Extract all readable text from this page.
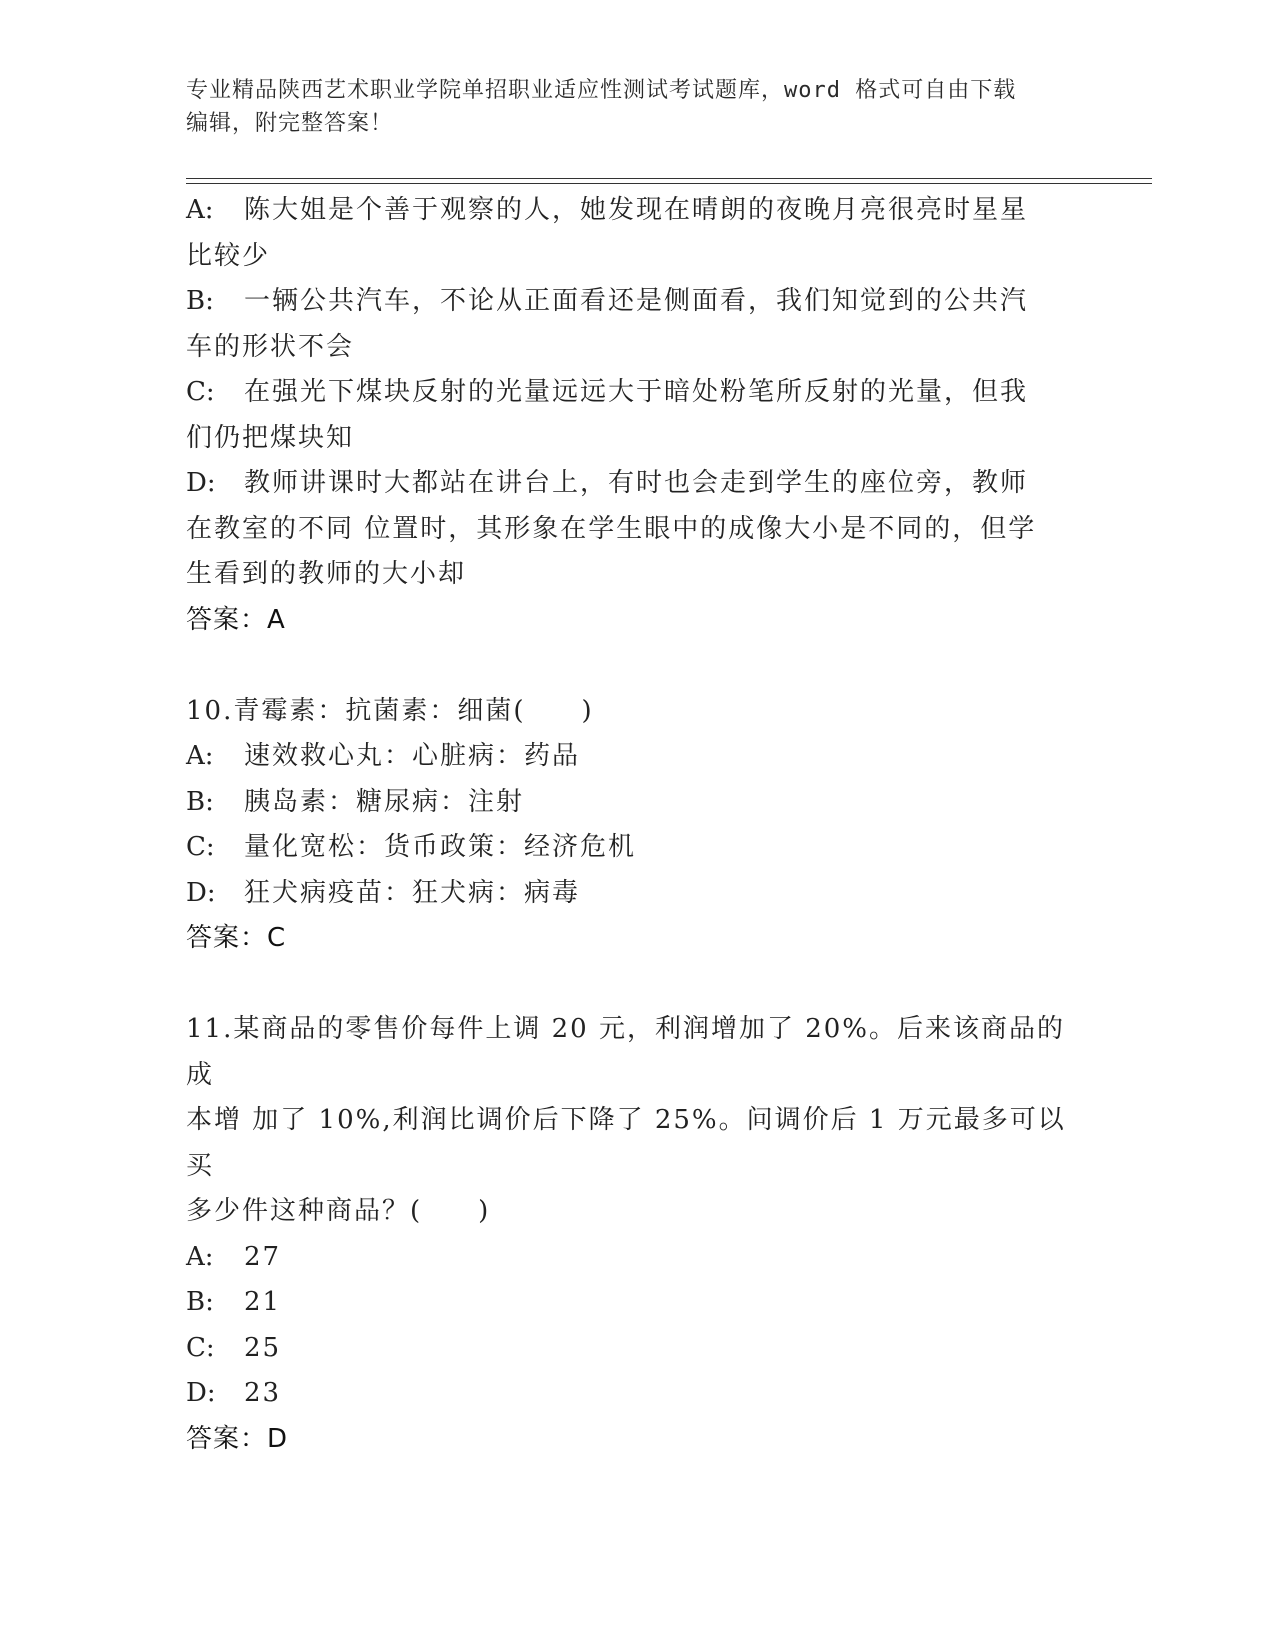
专业精品陕西艺术职业学院单招职业适应性测试考试题库，word 格式可自由下载
编辑，附完整答案！
A: 陈大姐是个善于观察的人，她发现在晴朗的夜晚月亮很亮时星星
比较少
B: 一辆公共汽车，不论从正面看还是侧面看，我们知觉到的公共汽
车的形状不会
C: 在强光下煤块反射的光量远远大于暗处粉笔所反射的光量，但我
们仍把煤块知
D: 教师讲课时大都站在讲台上，有时也会走到学生的座位旁，教师
在教室的不同 位置时，其形象在学生眼中的成像大小是不同的，但学
生看到的教师的大小却
答案：A
10.青霉素：抗菌素：细菌(　　)
A: 速效救心丸：心脏病：药品
B: 胰岛素：糖尿病：注射
C: 量化宽松：货币政策：经济危机
D: 狂犬病疫苗：狂犬病：病毒
答案：C
11.某商品的零售价每件上调 20 元，利润增加了 20%。后来该商品的成
本增 加了 10%,利润比调价后下降了 25%。问调价后 1 万元最多可以买
多少件这种商品？(　　)
A: 27
B: 21
C: 25
D: 23
答案：D
